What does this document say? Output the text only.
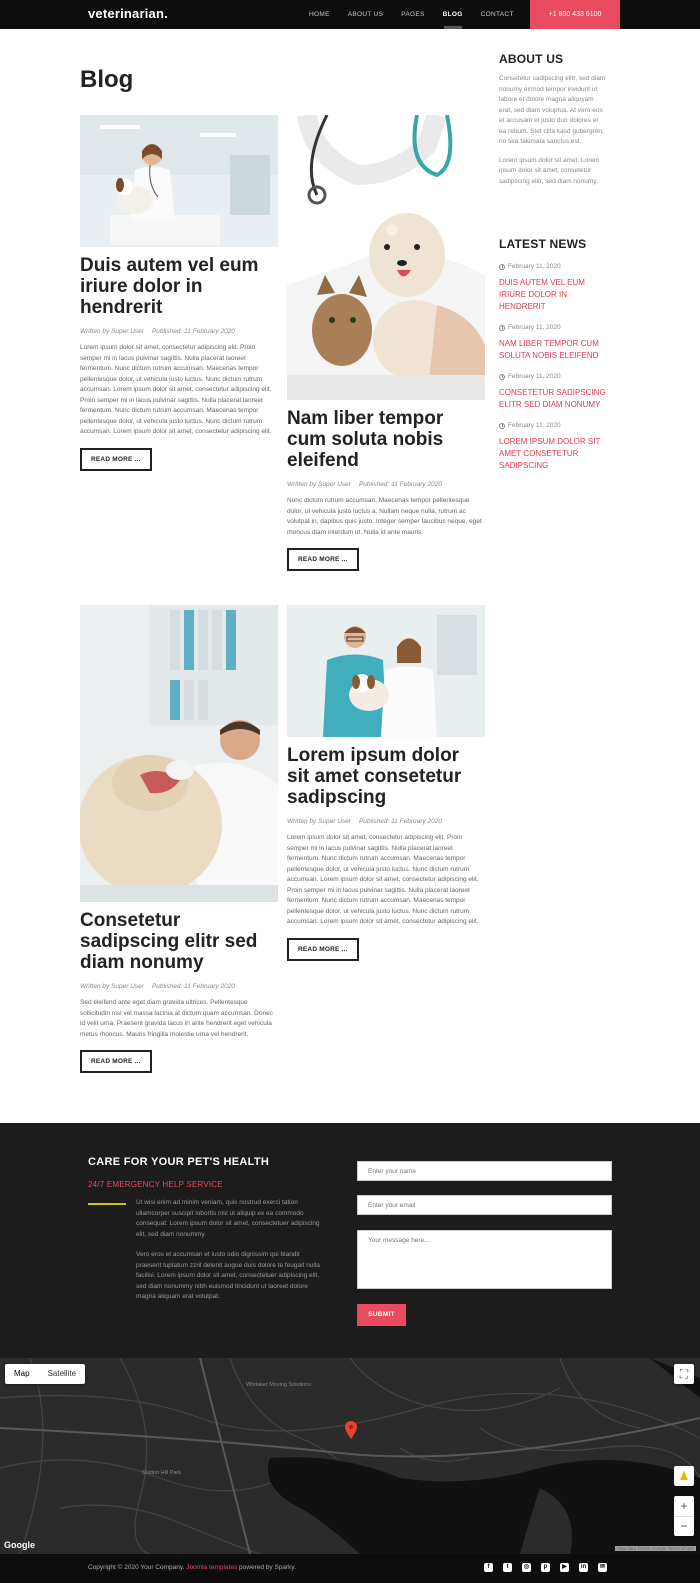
veterinarian.	HOME	ABOUT US	PAGES	BLOG	CONTACT	+1 800 433 6100
Blog
Duis autem vel eum iriure dolor in hendrerit
Written by Super User Published: 11 February 2020

Lorem ipsum dolor sit amet, consectetur adipiscing elit. Proin semper mi in lacus pulvinar sagittis. Nulla placerat laoreet fermentum. Nunc dictum rutrum accumsan. Maecenas tempor pellentesque dolor, ut vehicula justo luctus. Nunc dictum rutrum accumsan. Lorem ipsum dolor sit amet, consectetur adipiscing elit. Proin semper mi in lacus pulvinar sagittis. Nulla placerat laoreet fermentum. Nunc dictum rutrum accumsan. Maecenas tempor pellentesque dolor, ut vehicula justo luctus. Nunc dictum rutrum accumsan. Lorem ipsum dolor sit amet, consectetur adipiscing elit.

READ MORE ...
Nam liber tempor cum soluta nobis eleifend
Written by Super User Published: 11 February 2020

Nunc dictum rutrum accumsan. Maecenas tempor pellentesque dolor, ut vehicula justo luctus a. Nullam neque nulla, rutrum ac volutpat in, dapibus quis justo. Integer semper faucibus neque, eget rhoncus diam interdum ut. Nulla id ante mauris.

READ MORE ...
Consetetur sadipscing elitr sed diam nonumy
Written by Super User Published: 11 February 2020

Sed eleifend ante eget diam gravida ultrices. Pellentesque sollicitudin nisl vel massa lacinia at dictum quam accumsan. Donec id velit urna. Praesent gravida lacus in ante hendrerit eget vehicula metus rhoncus. Mauris fringilla molestie urna vel hendrerit.

READ MORE ...
Lorem ipsum dolor sit amet consetetur sadipscing
Written by Super User Published: 11 February 2020

Lorem ipsum dolor sit amet, consectetur adipiscing elit. Proin semper mi in lacus pulvinar sagittis. Nulla placerat laoreet fermentum. Nunc dictum rutrum accumsan. Maecenas tempor pellentesque dolor, ut vehicula justo luctus. Nunc dictum rutrum accumsan. Lorem ipsum dolor sit amet, consectetur adipiscing elit. Proin semper mi in lacus pulvinar sagittis. Nulla placerat laoreet fermentum. Nunc dictum rutrum accumsan. Maecenas tempor pellentesque dolor, ut vehicula justo luctus. Nunc dictum rutrum accumsan. Lorem ipsum dolor sit amet, consectetur adipiscing elit.

READ MORE ...
ABOUT US

Consetetur sadipscing elitr, sed diam nonumy eirmod tempor invidunt ut labore et dolore magna aliquyam erat, sed diam voluptua. At vero eos et accusam et justo duo dolores et ea rebum. Stet clita kasd gubergren, no sea takimata sanctus est.

Lorem ipsum dolor sit amet. Lorem ipsum dolor sit amet, consetetur sadipscing elitr, sed diam nonumy.

LATEST NEWS
February 11, 2020
DUIS AUTEM VEL EUM IRIURE DOLOR IN HENDRERIT
February 11, 2020
NAM LIBER TEMPOR CUM SOLUTA NOBIS ELEIFEND
February 11, 2020
CONSETETUR SADIPSCING ELITR SED DIAM NONUMY
February 11, 2020
LOREM IPSUM DOLOR SIT AMET CONSETETUR SADIPSCING
CARE FOR YOUR PET'S HEALTH
24/7 EMERGENCY HELP SERVICE

Ut wisi enim ad minim veniam, quis nostrud exerci tation ullamcorper suscipit lobortis nisl ut aliquip ex ea commodo consequat. Lorem ipsum dolor sit amet, consectetuer adipiscing elit, sed diam nonummy.

Vero eros et accumsan et iusto odio dignissim qui blandit praesent luptatum zzril delenit augue duis dolore te feugait nulla facilisi. Lorem ipsum dolor sit amet, consectetuer adipiscing elit, sed diam nonummy nibh euismod tincidunt ut laoreet dolore magna aliquam erat volutpat.

Enter your name
Enter your email
Your message here...
SUBMIT
Whitaker Moving Solutions
Station Hill Park
Map	Satellite	⛶
♟
+
−
Google	Map data ©2020 Google Terms of Use
Copyright © 2020 Your Company. Joomla templates powered by Sparky.	f	t	◎	p	▶	in	✉
